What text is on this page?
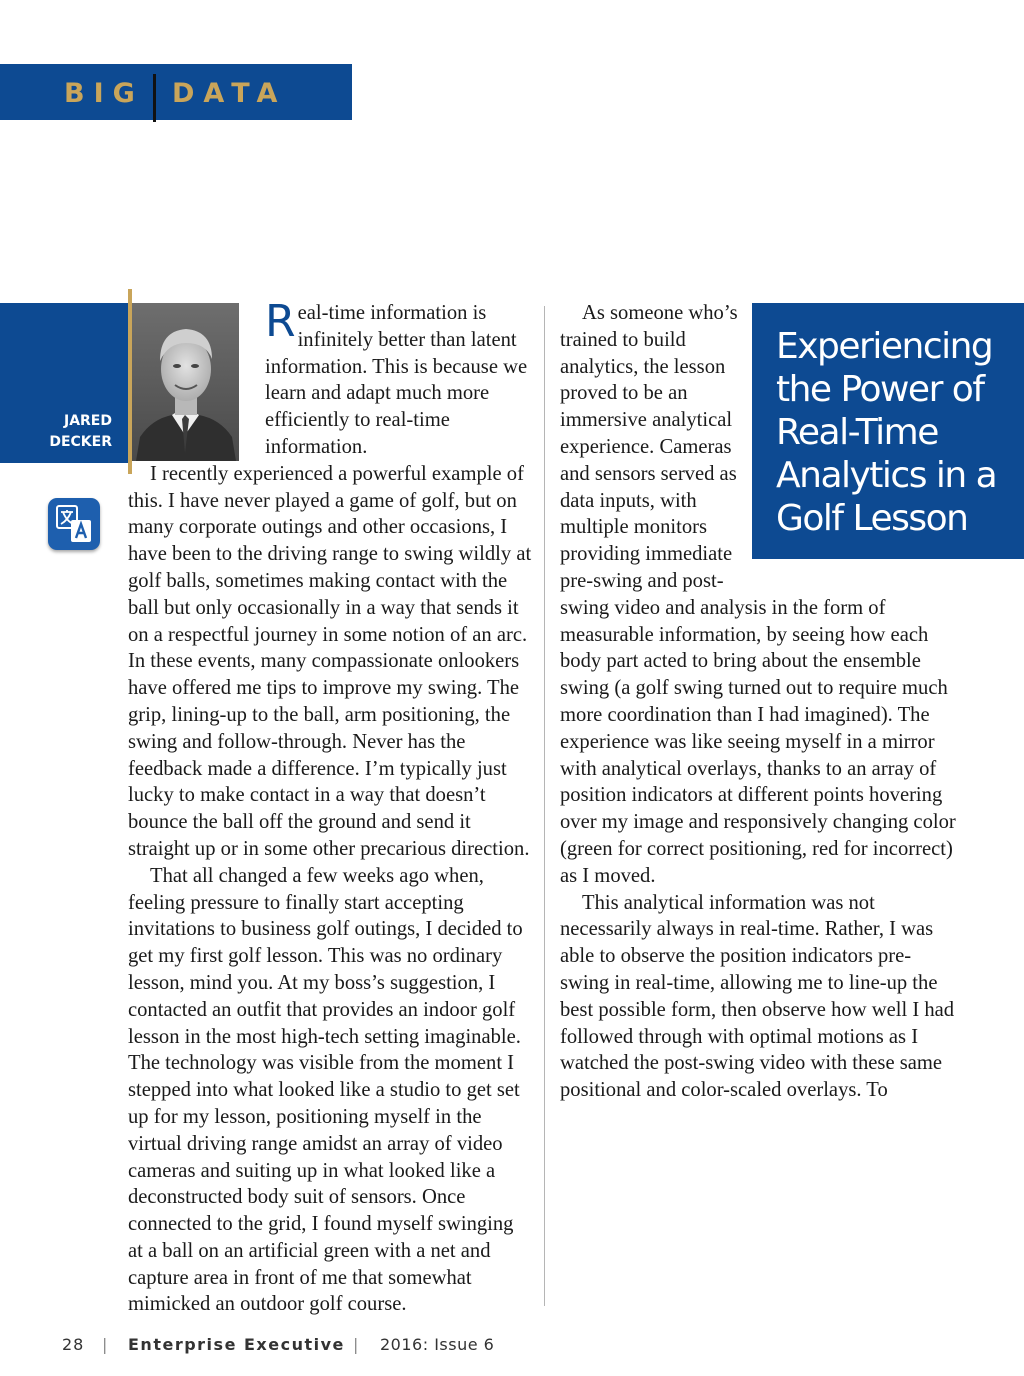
BIG DATA
JARED
DECKER
Experiencing
the Power of
Real-Time
Analytics in a
Golf Lesson

Real-time information is infinitely better than latent information. This is because we learn and adapt much more efficiently to real-time information.

I recently experienced a powerful example of this. I have never played a game of golf, but on many corporate outings and other occasions, I have been to the driving range to swing wildly at golf balls, sometimes making contact with the ball but only occasionally in a way that sends it on a respectful journey in some notion of an arc. In these events, many compassionate onlookers have offered me tips to improve my swing. The grip, lining-up to the ball, arm positioning, the swing and follow-through. Never has the feedback made a difference. I’m typically just lucky to make contact in a way that doesn’t bounce the ball off the ground and send it straight up or in some other precarious direction.

That all changed a few weeks ago when, feeling pressure to finally start accepting invitations to business golf outings, I decided to get my first golf lesson. This was no ordinary lesson, mind you. At my boss’s suggestion, I contacted an outfit that provides an indoor golf lesson in the most high-tech setting imaginable. The technology was visible from the moment I stepped into what looked like a studio to get set up for my lesson, positioning myself in the virtual driving range amidst an array of video cameras and suiting up in what looked like a deconstructed body suit of sensors. Once connected to the grid, I found myself swinging at a ball on an artificial green with a net and capture area in front of me that somewhat mimicked an outdoor golf course.

As someone who’s trained to build analytics, the lesson proved to be an immersive analytical experience. Cameras and sensors served as data inputs, with multiple monitors providing immediate pre-swing and post-swing video and analysis in the form of measurable information, by seeing how each body part acted to bring about the ensemble swing (a golf swing turned out to require much more coordination than I had imagined). The experience was like seeing myself in a mirror with analytical overlays, thanks to an array of position indicators at different points hovering over my image and responsively changing color (green for correct positioning, red for incorrect) as I moved.

This analytical information was not necessarily always in real-time. Rather, I was able to observe the position indicators pre-swing in real-time, allowing me to line-up the best possible form, then observe how well I had followed through with optimal motions as I watched the post-swing video with these same positional and color-scaled overlays. To

28 | Enterprise Executive | 2016: Issue 6
